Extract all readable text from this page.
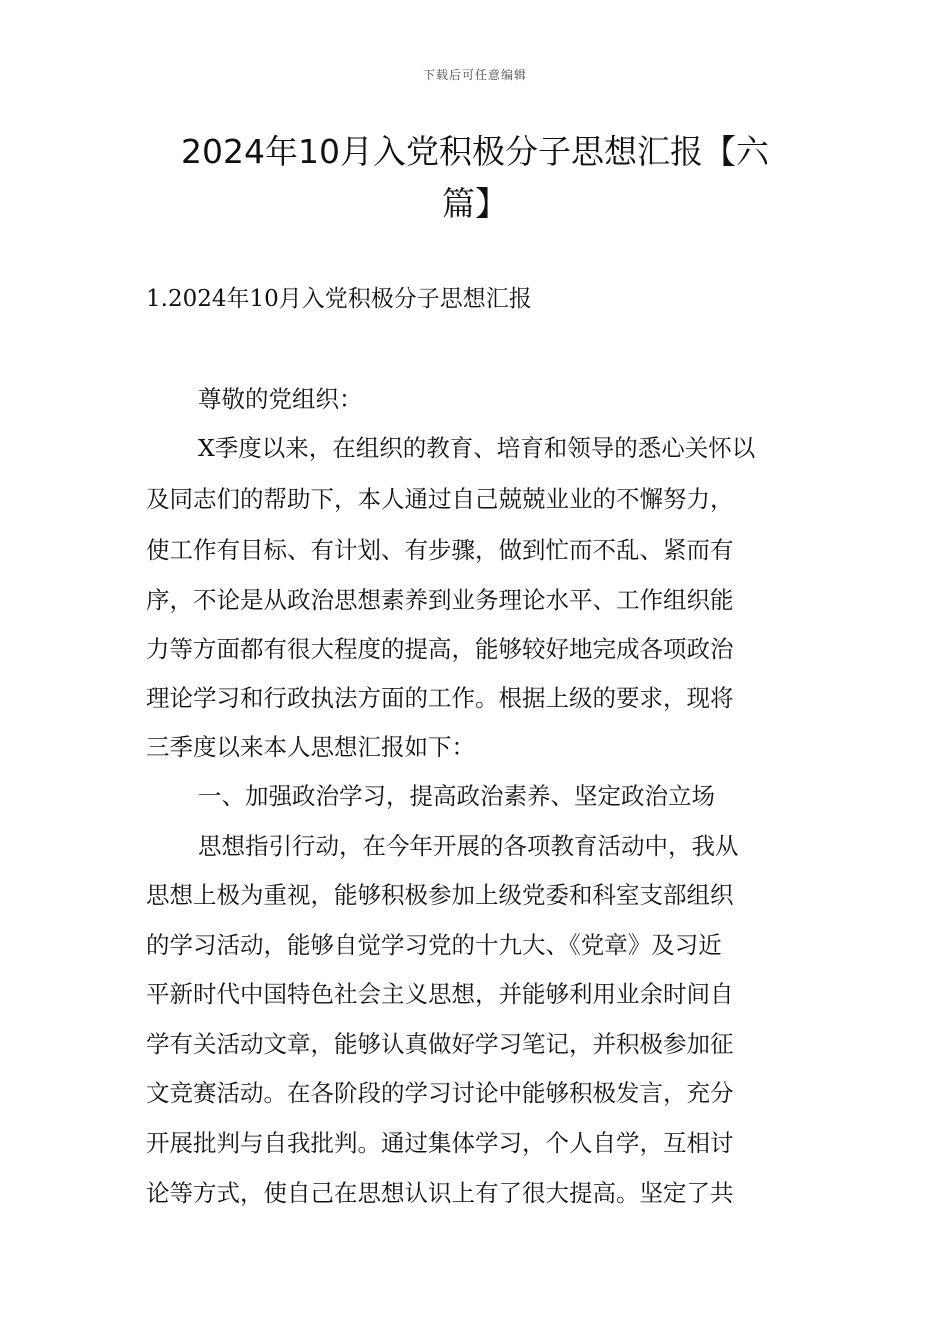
下载后可任意编辑
2024年10月入党积极分子思想汇报【六
篇】
1.2024年10月入党积极分子思想汇报
尊敬的党组织：
X季度以来，在组织的教育、培育和领导的悉心关怀以
及同志们的帮助下，本人通过自己兢兢业业的不懈努力，
使工作有目标、有计划、有步骤，做到忙而不乱、紧而有
序，不论是从政治思想素养到业务理论水平、工作组织能
力等方面都有很大程度的提高，能够较好地完成各项政治
理论学习和行政执法方面的工作。根据上级的要求，现将
三季度以来本人思想汇报如下：
一、加强政治学习，提高政治素养、坚定政治立场
思想指引行动，在今年开展的各项教育活动中，我从
思想上极为重视，能够积极参加上级党委和科室支部组织
的学习活动，能够自觉学习党的十九大、《党章》及习近
平新时代中国特色社会主义思想，并能够利用业余时间自
学有关活动文章，能够认真做好学习笔记，并积极参加征
文竞赛活动。在各阶段的学习讨论中能够积极发言，充分
开展批判与自我批判。通过集体学习，个人自学，互相讨
论等方式，使自己在思想认识上有了很大提高。坚定了共
